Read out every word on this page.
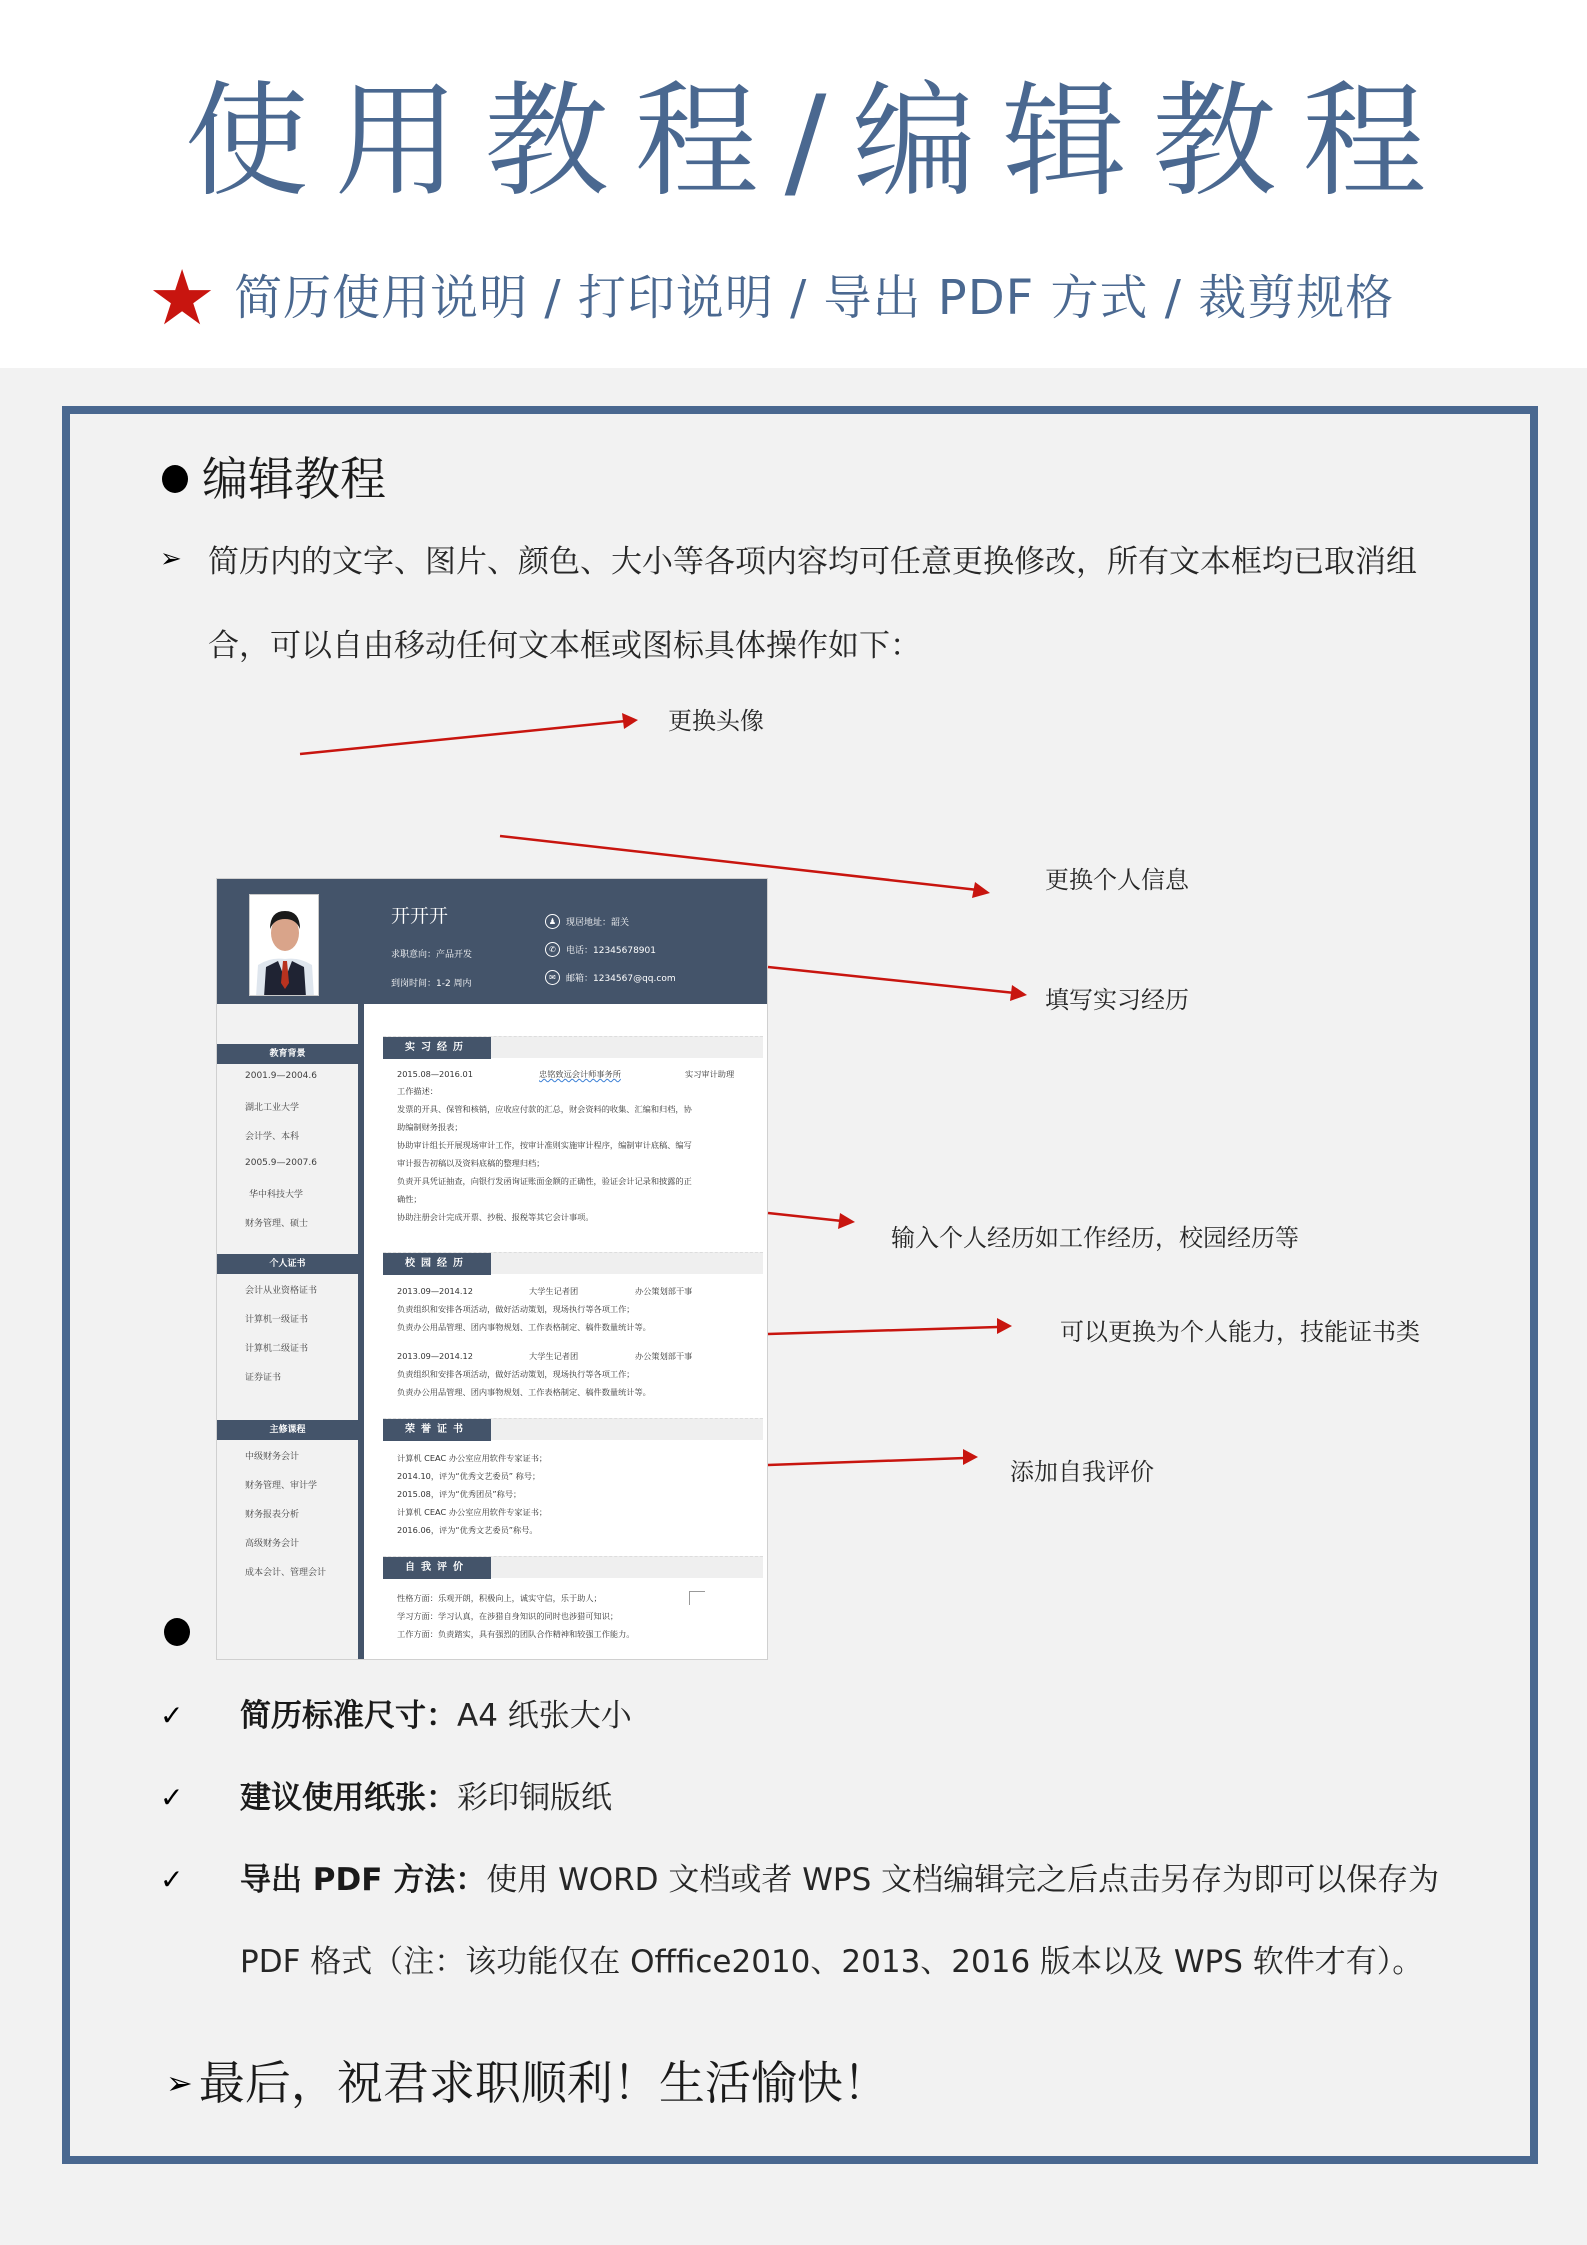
使用教程/编辑教程
★ 简历使用说明 / 打印说明 / 导出 PDF 方式 / 裁剪规格
编辑教程
➢ 简历内的文字、图片、颜色、大小等各项内容均可任意更换修改，所有文本框均已取消组
合，可以自由移动任何文本框或图标具体操作如下：
更换头像
更换个人信息
填写实习经历
输入个人经历如工作经历，校园经历等
可以更换为个人能力，技能证书类
添加自我评价
开开开
求职意向：产品开发
到岗时间：1-2 周内
♟	现居地址：韶关
✆	电话：12345678901
✉	邮箱：1234567@qq.com
教育背景
2001.9—2004.6
湖北工业大学
会计学、本科
2005.9—2007.6
华中科技大学
财务管理、硕士
个人证书
会计从业资格证书
计算机一级证书
计算机二级证书
证券证书
主修课程
中级财务会计
财务管理、审计学
财务报表分析
高级财务会计
成本会计、管理会计
实习经历
2015.08—2016.01	忠铭致远会计师事务所	实习审计助理
工作描述：
发票的开具、保管和核销，应收应付款的汇总，财会资料的收集、汇编和归档，协
助编制财务报表；
协助审计组长开展现场审计工作，按审计准则实施审计程序，编制审计底稿、编写
审计报告初稿以及资料底稿的整理归档；
负责开具凭证抽查，向银行发函询证账面金额的正确性，验证会计记录和披露的正
确性；
协助注册会计完成开票、抄税、报税等其它会计事项。
校园经历
2013.09—2014.12	大学生记者团	办公策划部干事
负责组织和安排各项活动，做好活动策划，现场执行等各项工作；
负责办公用品管理、团内事物规划、工作表格制定、稿件数量统计等。
2013.09—2014.12	大学生记者团	办公策划部干事
负责组织和安排各项活动，做好活动策划，现场执行等各项工作；
负责办公用品管理、团内事物规划、工作表格制定、稿件数量统计等。
荣誉证书
计算机 CEAC 办公室应用软件专家证书；
2014.10，评为“优秀文艺委员” 称号；
2015.08，评为“优秀团员”称号；
计算机 CEAC 办公室应用软件专家证书；
2016.06，评为“优秀文艺委员”称号。
自我评价
性格方面：乐观开朗，积极向上，诚实守信，乐于助人；
学习方面：学习认真，在涉猎自身知识的同时也涉猎可知识；
工作方面：负责踏实，具有强烈的团队合作精神和较强工作能力。
✓	简历标准尺寸： A4 纸张大小
✓	建议使用纸张： 彩印铜版纸
✓	导出 PDF 方法： 使用 WORD 文档或者 WPS 文档编辑完之后点击另存为即可以保存为
PDF 格式（注：该功能仅在 Offfice2010、2013、2016 版本以及 WPS 软件才有）。
➢ 最后，祝君求职顺利！生活愉快！
